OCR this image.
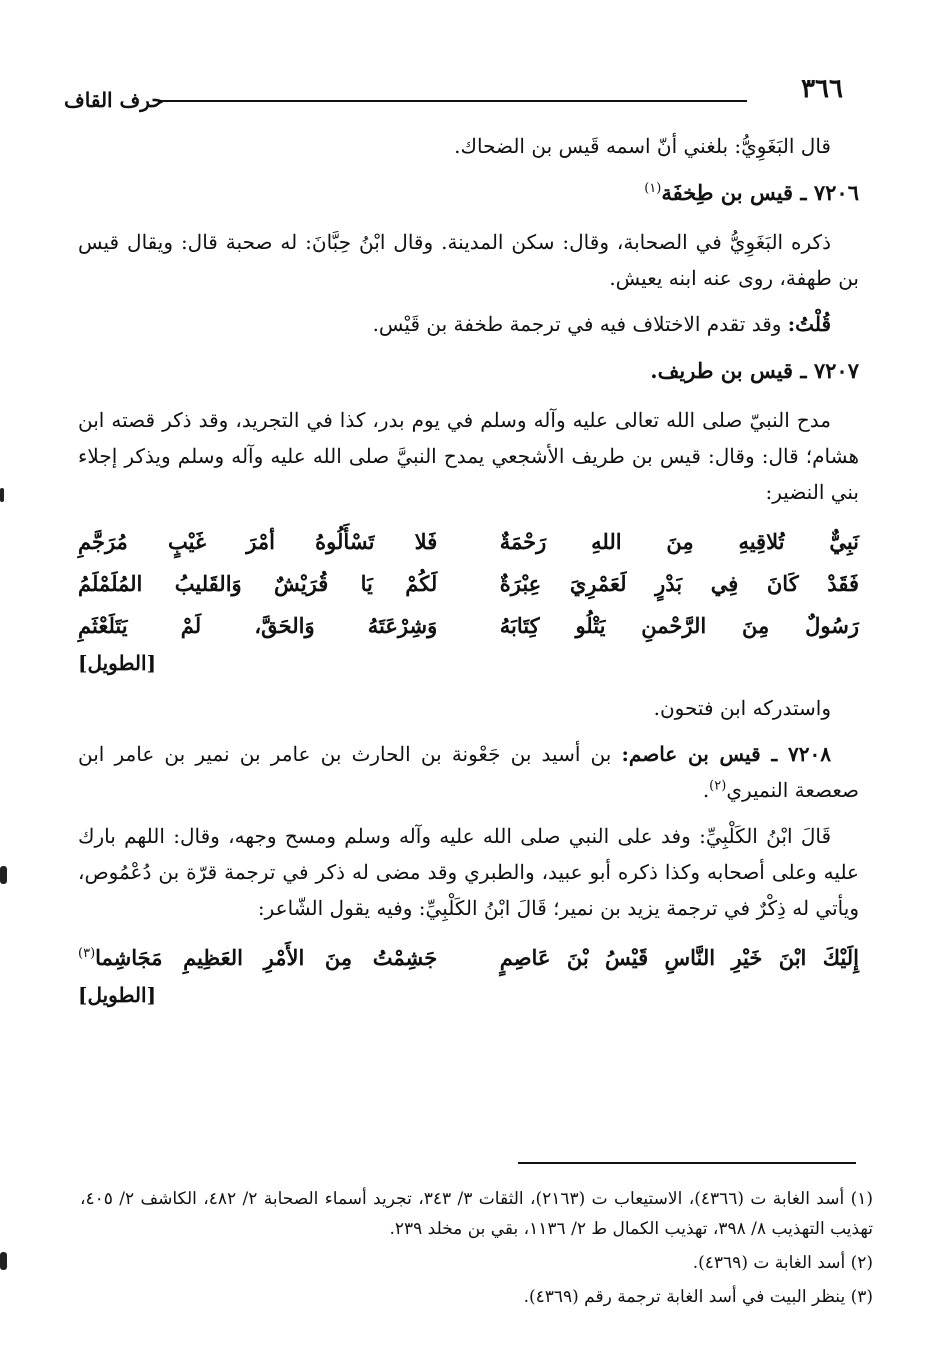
٣٦٦
حرف القاف

قال البَغَوِيُّ: بلغني أنّ اسمه قَيس بن الضحاك.

٧٢٠٦ ـ قيس بن طِخفَة$^{(١)}$

ذكره البَغَوِيُّ في الصحابة، وقال: سكن المدينة. وقال ابْنُ حِبَّانَ: له صحبة قال: ويقال قيس بن طهفة، روى عنه ابنه يعيش.

قُلْتُ: وقد تقدم الاختلاف فيه في ترجمة طخفة بن قَيْس.

٧٢٠٧ ـ قيس بن طريف.

مدح النبيّ صلى الله تعالى عليه وآله وسلم في يوم بدر، كذا في التجريد، وقد ذكر قصته ابن هشام؛ قال: وقال: قيس بن طريف الأشجعي يمدح النبيَّ صلى الله عليه وآله وسلم ويذكر إجلاء بني النضير:

نَبِيٌّ تُلاقِيهِ مِنَ اللهِ رَحْمَةٌ
فَلا تَسْأَلُوهُ أمْرَ غَيْبٍ مُرَجَّمِ
فَقَدْ كَانَ فِي بَدْرٍ لَعَمْرِيَ عِبْرَةٌ
لَكُمْ يَا قُرَيْشٌ وَالقَليبُ المُلَمْلَمُ
رَسُولٌ مِنَ الرَّحْمنِ يَتْلُو كِتَابَهُ
وَشِرْعَتَهُ وَالحَقَّ، لَمْ يَتَلَعْثَمِ
[الطويل]

واستدركه ابن فتحون.

٧٢٠٨ ـ قيس بن عاصم: بن أسيد بن جَعْونة بن الحارث بن عامر بن نمير بن عامر ابن صعصعة النميري$^{(٢)}$.

قَالَ ابْنُ الكَلْبِيِّ: وفد على النبي صلى الله عليه وآله وسلم ومسح وجهه، وقال: اللهم بارك عليه وعلى أصحابه وكذا ذكره أبو عبيد، والطبري وقد مضى له ذكر في ترجمة قرّة بن دُعْمُوص، ويأتي له ذِكْرٌ في ترجمة يزيد بن نمير؛ قَالَ ابْنُ الكَلْبِيِّ: وفيه يقول الشّاعر:

إِلَيْكَ ابْنَ خَيْرِ النَّاسِ قَيْسُ بْنَ عَاصِمٍ
جَشِمْتُ مِنَ الأَمْرِ العَظِيمِ مَجَاشِما$^{(٣)}$
[الطويل]

(١) أسد الغابة ت (٤٣٦٦)، الاستيعاب ت (٢١٦٣)، الثقات ٣/ ٣٤٣، تجريد أسماء الصحابة ٢/ ٤٨٢، الكاشف ٢/ ٤٠٥، تهذيب التهذيب ٨/ ٣٩٨، تهذيب الكمال ط ٢/ ١١٣٦، بقي بن مخلد ٢٣٩.

(٢) أسد الغابة ت (٤٣٦٩).

(٣) ينظر البيت في أسد الغابة ترجمة رقم (٤٣٦٩).
